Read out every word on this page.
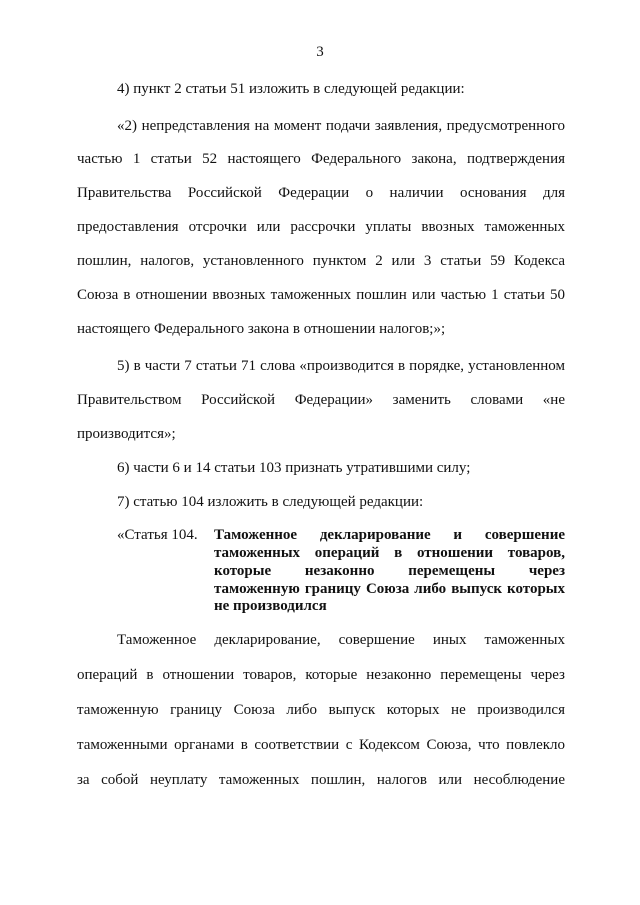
3
4) пункт 2 статьи 51 изложить в следующей редакции:
«2) непредставления на момент подачи заявления, предусмотренного
частью 1 статьи 52 настоящего Федерального закона, подтверждения
Правительства Российской Федерации о наличии основания для
предоставления отсрочки или рассрочки уплаты ввозных таможенных
пошлин, налогов, установленного пунктом 2 или 3 статьи 59 Кодекса
Союза в отношении ввозных таможенных пошлин или частью 1 статьи 50
настоящего Федерального закона в отношении налогов;»;
5) в части 7 статьи 71 слова «производится в порядке, установленном
Правительством Российской Федерации» заменить словами «не
производится»;
6) части 6 и 14 статьи 103 признать утратившими силу;
7) статью 104 изложить в следующей редакции:
Таможенное декларирование, совершение иных таможенных
операций в отношении товаров, которые незаконно перемещены через
таможенную границу Союза либо выпуск которых не производился
таможенными органами в соответствии с Кодексом Союза, что повлекло
за собой неуплату таможенных пошлин, налогов или несоблюдение
«Статья 104. Таможенное декларирование и совершение
таможенных операций в отношении товаров,
которые незаконно перемещены через
таможенную границу Союза либо выпуск которых
не производился
